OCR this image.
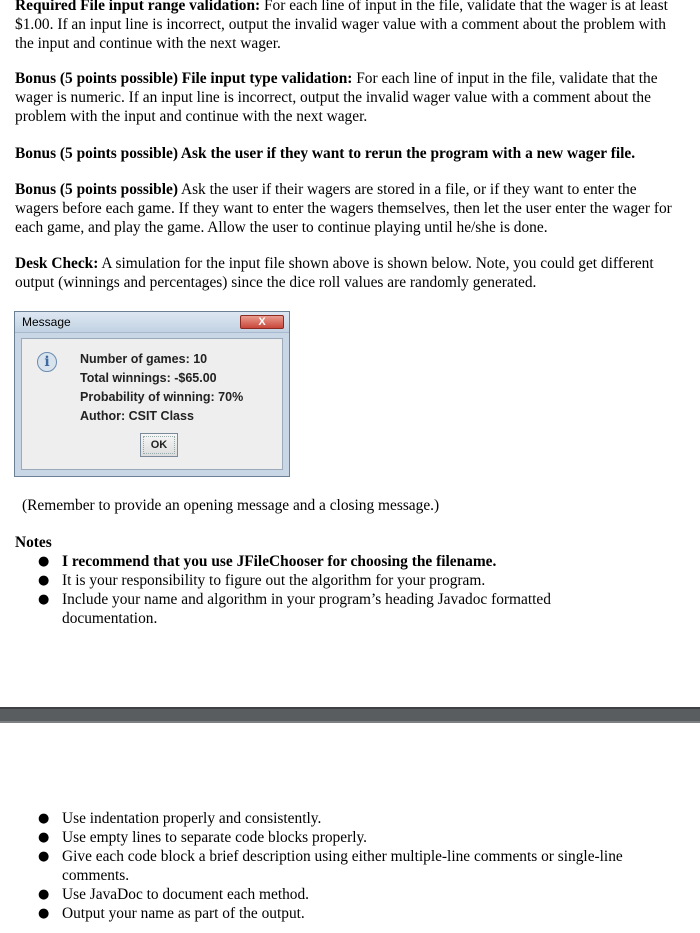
Required File input range validation: For each line of input in the file, validate that the wager is at least $1.00. If an input line is incorrect, output the invalid wager value with a comment about the problem with the input and continue with the next wager.

Bonus (5 points possible) File input type validation: For each line of input in the file, validate that the wager is numeric. If an input line is incorrect, output the invalid wager value with a comment about the problem with the input and continue with the next wager.

Bonus (5 points possible) Ask the user if they want to rerun the program with a new wager file.

Bonus (5 points possible) Ask the user if their wagers are stored in a file, or if they want to enter the wagers before each game. If they want to enter the wagers themselves, then let the user enter the wager for each game, and play the game. Allow the user to continue playing until he/she is done.

Desk Check: A simulation for the input file shown above is shown below. Note, you could get different output (winnings and percentages) since the dice roll values are randomly generated.

Message	X
i	Number of games: 10
Total winnings: -$65.00
Probability of winning: 70%
Author: CSIT Class
OK

(Remember to provide an opening message and a closing message.)

Notes

● I recommend that you use JFileChooser for choosing the filename.
● It is your responsibility to figure out the algorithm for your program.
● Include your name and algorithm in your program’s heading Javadoc formatted documentation.
● Use indentation properly and consistently.
● Use empty lines to separate code blocks properly.
● Give each code block a brief description using either multiple-line comments or single-line comments.
● Use JavaDoc to document each method.
● Output your name as part of the output.
